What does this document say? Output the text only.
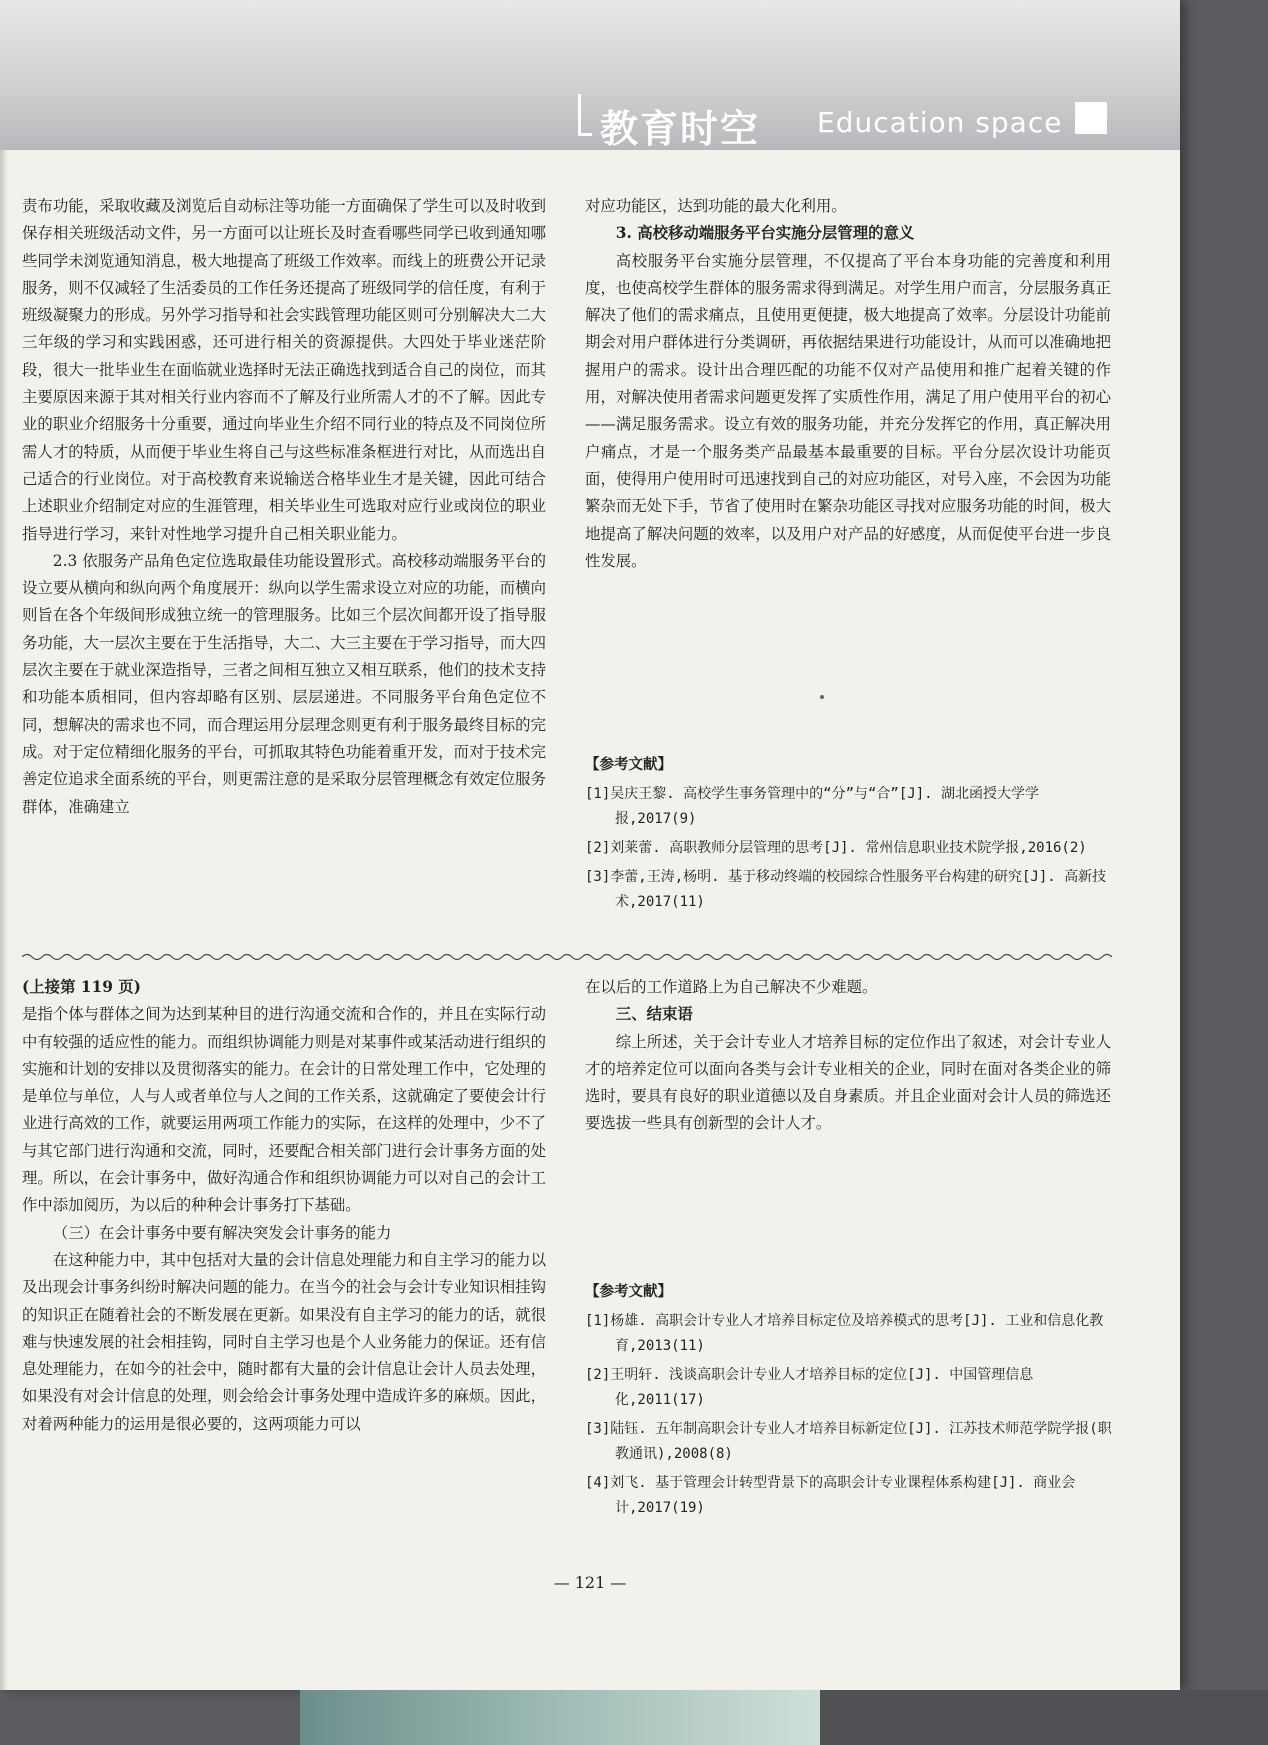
教育时空 Education space

责布功能，采取收藏及浏览后自动标注等功能一方面确保了学生可以及时收到保存相关班级活动文件，另一方面可以让班长及时查看哪些同学已收到通知哪些同学未浏览通知消息，极大地提高了班级工作效率。而线上的班费公开记录服务，则不仅减轻了生活委员的工作任务还提高了班级同学的信任度，有利于班级凝聚力的形成。另外学习指导和社会实践管理功能区则可分别解决大二大三年级的学习和实践困惑，还可进行相关的资源提供。大四处于毕业迷茫阶段，很大一批毕业生在面临就业选择时无法正确选找到适合自己的岗位，而其主要原因来源于其对相关行业内容而不了解及行业所需人才的不了解。因此专业的职业介绍服务十分重要，通过向毕业生介绍不同行业的特点及不同岗位所需人才的特质，从而便于毕业生将自己与这些标准条框进行对比，从而选出自己适合的行业岗位。对于高校教育来说输送合格毕业生才是关键，因此可结合上述职业介绍制定对应的生涯管理，相关毕业生可选取对应行业或岗位的职业指导进行学习，来针对性地学习提升自己相关职业能力。

2.3 依服务产品角色定位选取最佳功能设置形式。高校移动端服务平台的设立要从横向和纵向两个角度展开：纵向以学生需求设立对应的功能，而横向则旨在各个年级间形成独立统一的管理服务。比如三个层次间都开设了指导服务功能，大一层次主要在于生活指导，大二、大三主要在于学习指导，而大四层次主要在于就业深造指导，三者之间相互独立又相互联系，他们的技术支持和功能本质相同，但内容却略有区别、层层递进。不同服务平台角色定位不同，想解决的需求也不同，而合理运用分层理念则更有利于服务最终目标的完成。对于定位精细化服务的平台，可抓取其特色功能着重开发，而对于技术完善定位追求全面系统的平台，则更需注意的是采取分层管理概念有效定位服务群体，准确建立

对应功能区，达到功能的最大化利用。

3. 高校移动端服务平台实施分层管理的意义

高校服务平台实施分层管理，不仅提高了平台本身功能的完善度和利用度，也使高校学生群体的服务需求得到满足。对学生用户而言，分层服务真正解决了他们的需求痛点，且使用更便捷，极大地提高了效率。分层设计功能前期会对用户群体进行分类调研，再依据结果进行功能设计，从而可以准确地把握用户的需求。设计出合理匹配的功能不仅对产品使用和推广起着关键的作用，对解决使用者需求问题更发挥了实质性作用，满足了用户使用平台的初心——满足服务需求。设立有效的服务功能，并充分发挥它的作用，真正解决用户痛点，才是一个服务类产品最基本最重要的目标。平台分层次设计功能页面，使得用户使用时可迅速找到自己的対应功能区，对号入座，不会因为功能繁杂而无处下手，节省了使用时在繁杂功能区寻找对应服务功能的时间，极大地提高了解决问题的效率，以及用户对产品的好感度，从而促使平台进一步良性发展。

【参考文献】
[1]吴庆王黎. 高校学生事务管理中的“分”与“合”[J]. 湖北函授大学学报,2017(9)
[2]刘莱蕾. 高职教师分层管理的思考[J]. 常州信息职业技术院学报,2016(2)
[3]李蕾,王涛,杨明. 基于移动终端的校园综合性服务平台构建的研究[J]. 高新技术,2017(11)

(上接第 119 页)

是指个体与群体之间为达到某种目的进行沟通交流和合作的，并且在实际行动中有较强的适应性的能力。而组织协调能力则是对某事件或某活动进行组织的实施和计划的安排以及贯彻落实的能力。在会计的日常处理工作中，它处理的是单位与单位，人与人或者单位与人之间的工作关系，这就确定了要使会计行业进行高效的工作，就要运用两项工作能力的实际，在这样的处理中，少不了与其它部门进行沟通和交流，同时，还要配合相关部门进行会计事务方面的处理。所以，在会计事务中，做好沟通合作和组织协调能力可以对自己的会计工作中添加阅历，为以后的种种会计事务打下基础。

（三）在会计事务中要有解决突发会计事务的能力

在这种能力中，其中包括对大量的会计信息处理能力和自主学习的能力以及出现会计事务纠纷时解决问题的能力。在当今的社会与会计专业知识相挂钩的知识正在随着社会的不断发展在更新。如果没有自主学习的能力的话，就很难与快速发展的社会相挂钩，同时自主学习也是个人业务能力的保证。还有信息处理能力，在如今的社会中，随时都有大量的会计信息让会计人员去处理，如果没有对会计信息的处理，则会给会计事务处理中造成许多的麻烦。因此，对着两种能力的运用是很必要的，这两项能力可以

在以后的工作道路上为自己解决不少难题。

三、结束语

综上所述，关于会计专业人才培养目标的定位作出了叙述，对会计专业人才的培养定位可以面向各类与会计专业相关的企业，同时在面对各类企业的筛选时，要具有良好的职业道德以及自身素质。并且企业面对会计人员的筛选还要选拔一些具有创新型的会计人才。

【参考文献】
[1]杨雄. 高职会计专业人才培养目标定位及培养模式的思考[J]. 工业和信息化教育,2013(11)
[2]王明轩. 浅谈高职会计专业人才培养目标的定位[J]. 中国管理信息化,2011(17)
[3]陆钰. 五年制高职会计专业人才培养目标新定位[J]. 江苏技术师范学院学报(职教通讯),2008(8)
[4]刘飞. 基于管理会计转型背景下的高职会计专业课程体系构建[J]. 商业会计,2017(19)
— 121 —
